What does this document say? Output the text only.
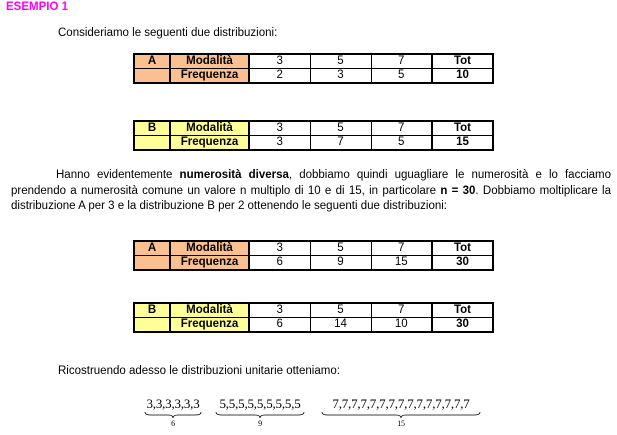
ESEMPIO 1
Consideriamo le seguenti due distribuzioni:
A	Modalità	3	5	7	Tot
	Frequenza	2	3	5	10
B	Modalità	3	5	7	Tot
	Frequenza	3	7	5	15
Hanno evidentemente numerosità diversa, dobbiamo quindi uguagliare le numerosità e lo facciamo prendendo a numerosità comune un valore n multiplo di 10 e di 15, in particolare n = 30. Dobbiamo moltiplicare la distribuzione A per 3 e la distribuzione B per 2 ottenendo le seguenti due distribuzioni:
A	Modalità	3	5	7	Tot
	Frequenza	6	9	15	30
B	Modalità	3	5	7	Tot
	Frequenza	6	14	10	30
Ricostruendo adesso le distribuzioni unitarie otteniamo:
3,3,3,3,3,3
6
5,5,5,5,5,5,5,5,5
9
7,7,7,7,7,7,7,7,7,7,7,7,7,7,7
15
